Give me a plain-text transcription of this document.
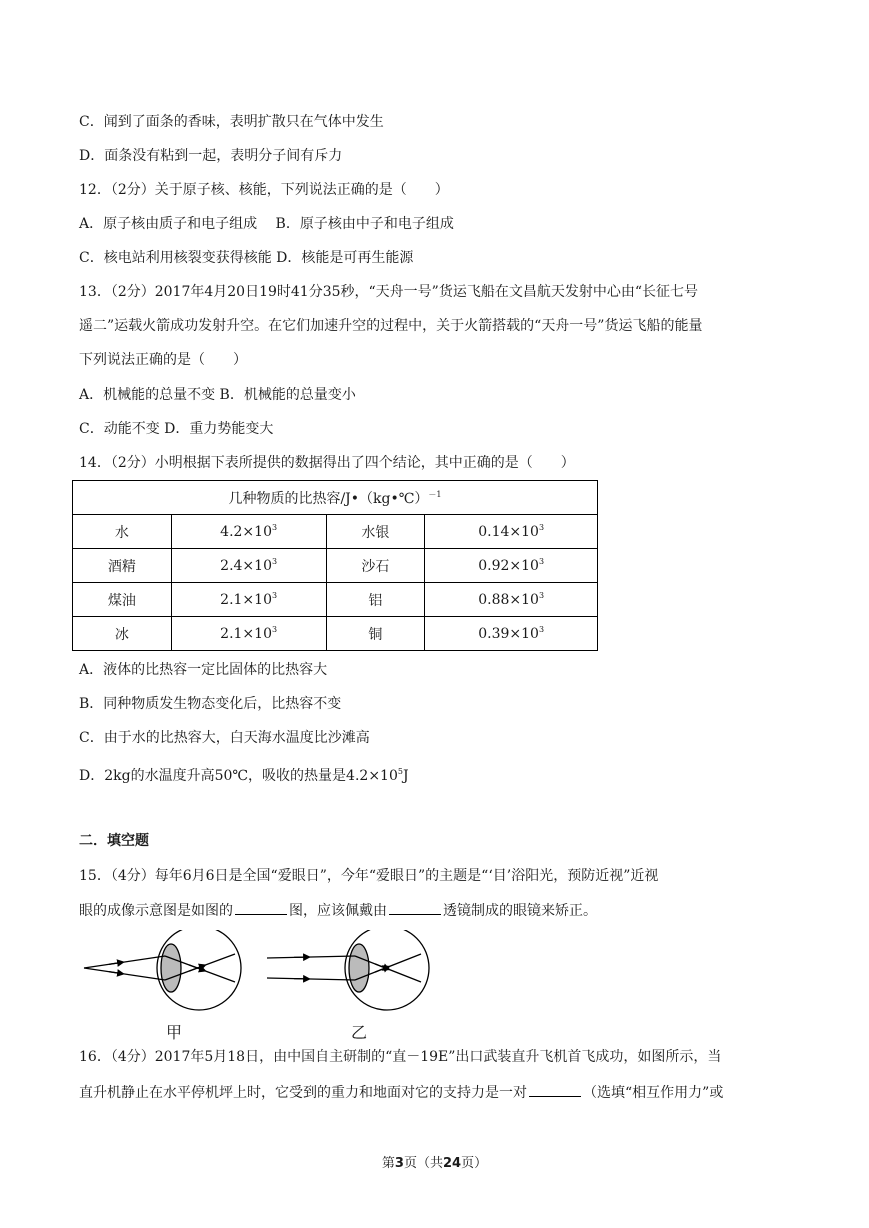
C．闻到了面条的香味，表明扩散只在气体中发生
D．面条没有粘到一起，表明分子间有斥力
12．（2分）关于原子核、核能，下列说法正确的是（　　）
A．原子核由质子和电子组成　 B．原子核由中子和电子组成
C．核电站利用核裂变获得核能 D．核能是可再生能源
13．（2分）2017年4月20日19时41分35秒，“天舟一号”货运飞船在文昌航天发射中心由“长征七号
遥二”运载火箭成功发射升空。在它们加速升空的过程中，关于火箭搭载的“天舟一号”货运飞船的能量
下列说法正确的是（　　）
A．机械能的总量不变 B．机械能的总量变小
C．动能不变 D．重力势能变大
14．（2分）小明根据下表所提供的数据得出了四个结论，其中正确的是（　　）
几种物质的比热容/J•（kg•℃）$^{-1}$
水	$4.2\times 10^3$	水银	$0.14\times 10^3$
酒精	$2.4\times 10^3$	沙石	$0.92\times 10^3$
煤油	$2.1\times 10^3$	铝	$0.88\times 10^3$
冰	$2.1\times 10^3$	铜	$0.39\times 10^3$
A．液体的比热容一定比固体的比热容大
B．同种物质发生物态变化后，比热容不变
C．由于水的比热容大，白天海水温度比沙滩高
D．2kg的水温度升高50℃，吸收的热量是$4.2\times 10^5J$
二．填空题
15．（4分）每年6月6日是全国“爱眼日”，今年“爱眼日”的主题是“‘目’浴阳光，预防近视”近视
眼的成像示意图是如图的	图，应该佩戴由	透镜制成的眼镜来矫正。
甲	乙
16．（4分）2017年5月18日，由中国自主研制的“直－19E”出口武装直升飞机首飞成功，如图所示，当
直升机静止在水平停机坪上时，它受到的重力和地面对它的支持力是一对	（选填“相互作用力”或
第3页（共24页）
